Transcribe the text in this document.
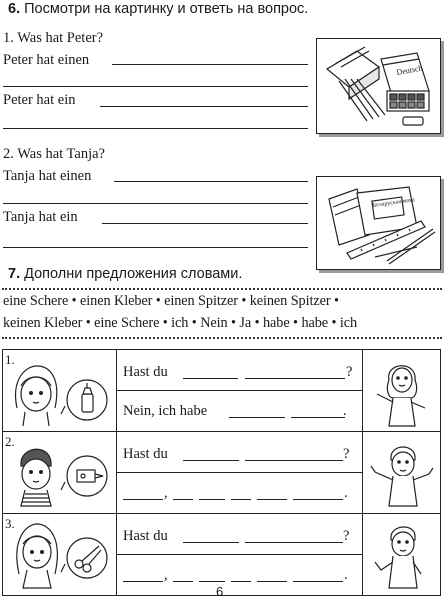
6. Посмотри на картинку и ответь на вопрос.
1. Was hat Peter?
Peter hat einen
Peter hat ein
2. Was hat Tanja?
Tanja hat einen
Tanja hat ein
Deutsch
Беларуская мова
7. Дополни предложения словами.
eine Schere • einen Kleber • einen Spitzer • keinen Spitzer •
keinen Kleber • eine Schere • ich • Nein • Ja • habe • habe • ich
1.	Hast du ?

	Nein, ich habe .	

2.	Hast du ?

	, .	

3.	Hast du ?

	, .	
6
